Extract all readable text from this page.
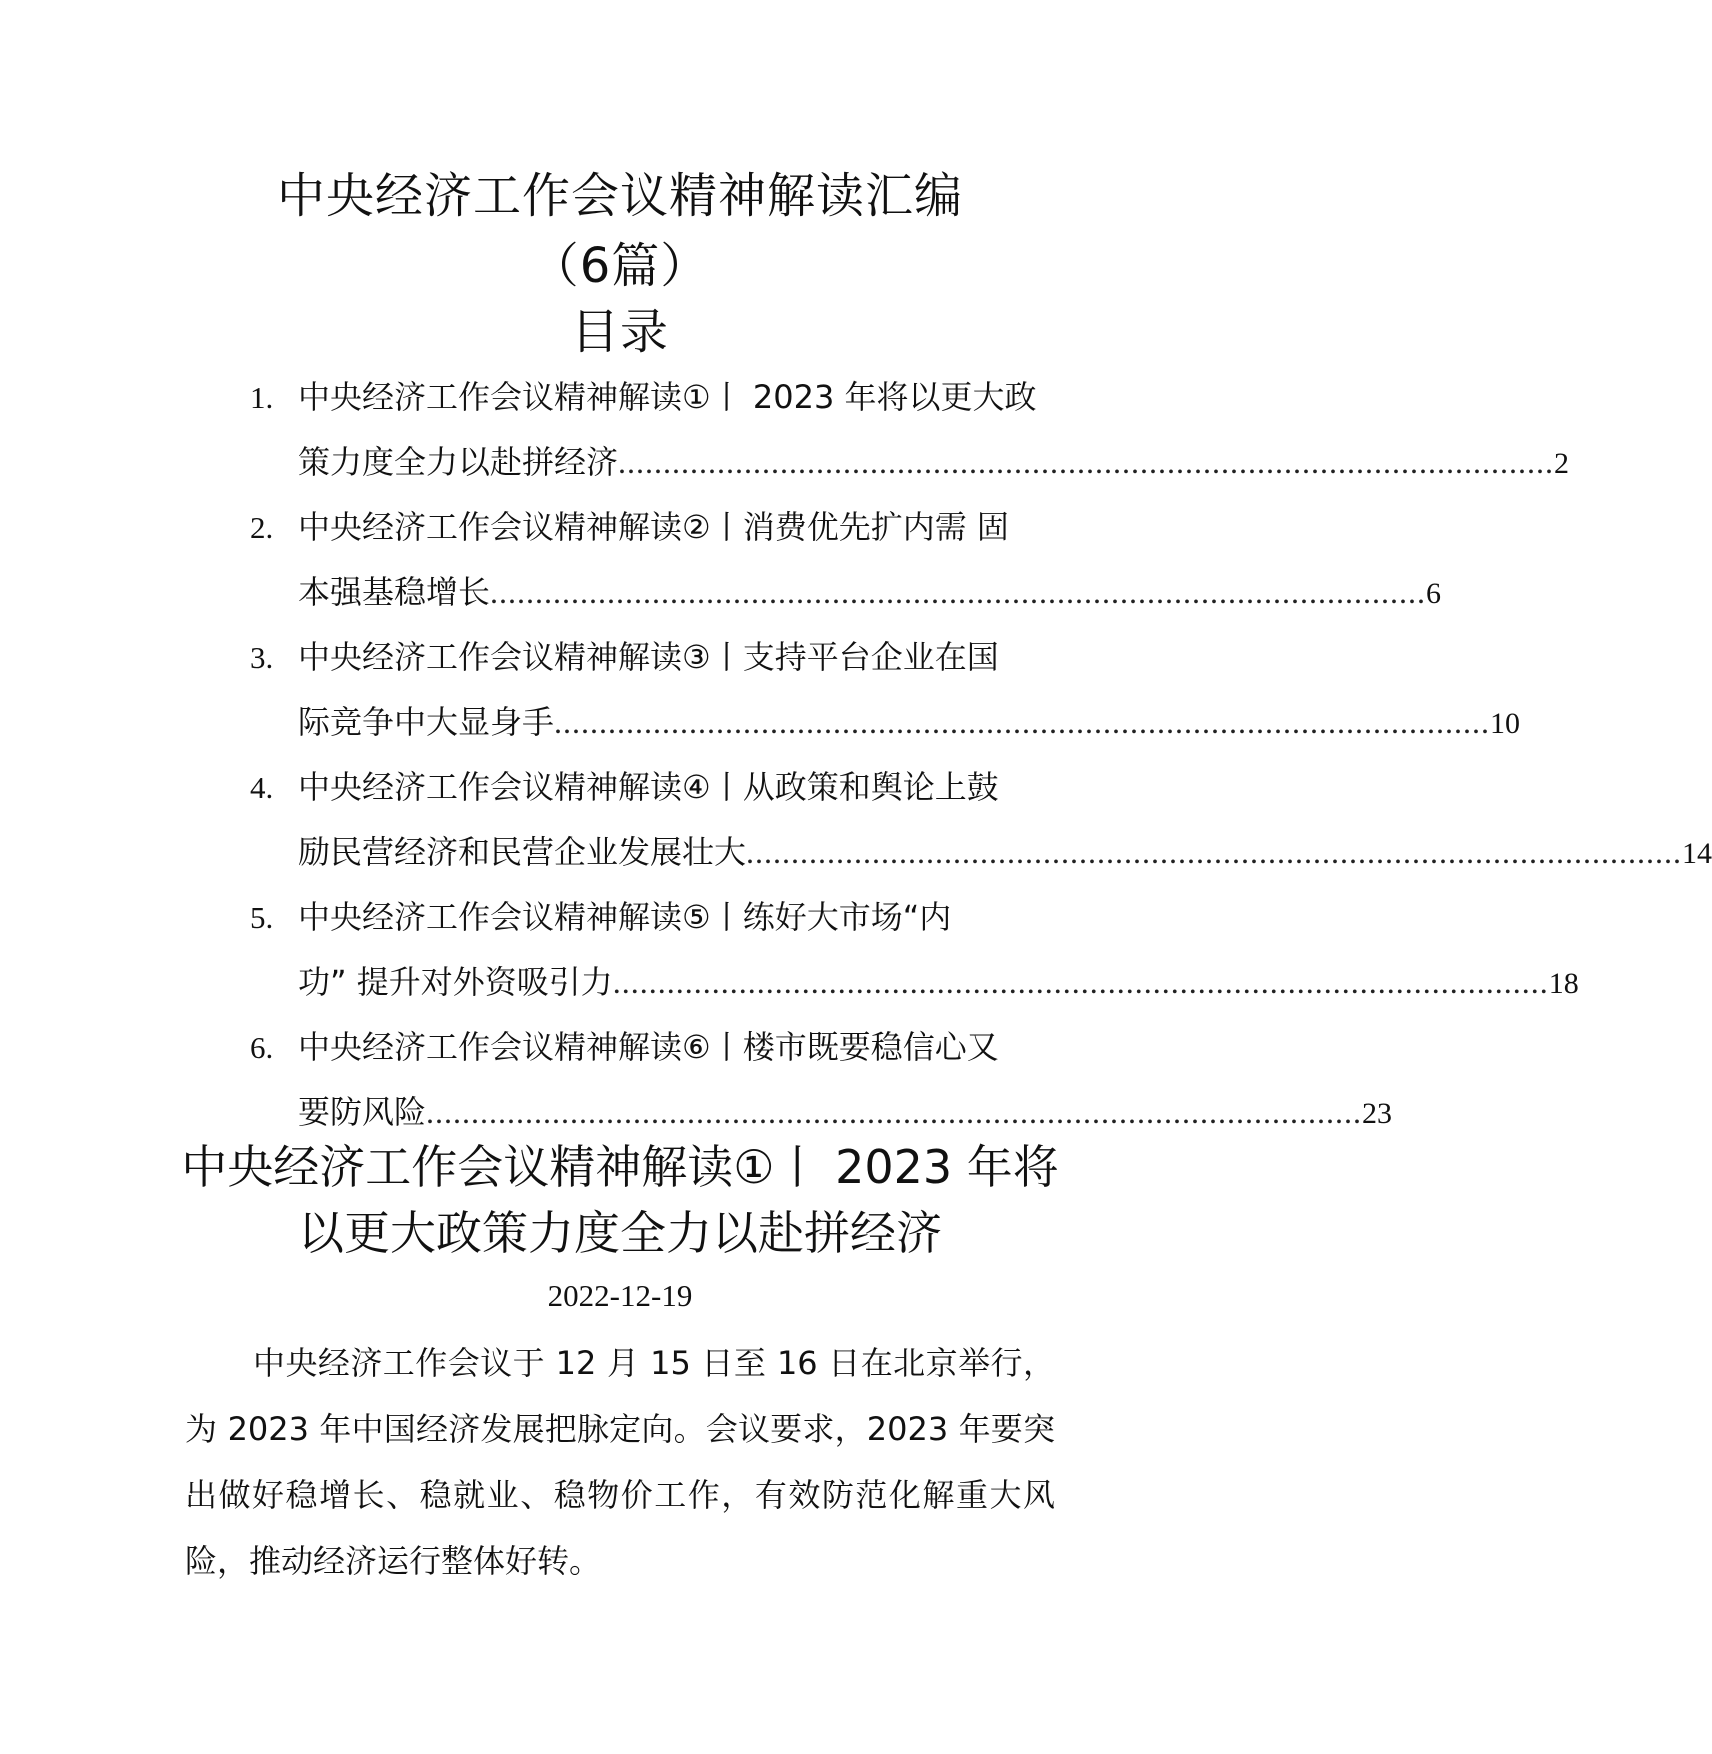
中央经济工作会议精神解读汇编
（6篇）
目录
1. 中央经济工作会议精神解读①丨 2023 年将以更大政
策力度全力以赴拼经济 ........................................................................................................ 2
2. 中央经济工作会议精神解读②丨消费优先扩内需 固
本强基稳增长 ........................................................................................................ 6
3. 中央经济工作会议精神解读③丨支持平台企业在国
际竞争中大显身手 ........................................................................................................ 10
4. 中央经济工作会议精神解读④丨从政策和舆论上鼓
励民营经济和民营企业发展壮大 ........................................................................................................ 14
5. 中央经济工作会议精神解读⑤丨练好大市场“内
功” 提升对外资吸引力 ........................................................................................................ 18
6. 中央经济工作会议精神解读⑥丨楼市既要稳信心又
要防风险 ........................................................................................................ 23
中央经济工作会议精神解读①丨 2023 年将
以更大政策力度全力以赴拼经济
2022-12-19
中央经济工作会议于 12 月 15 日至 16 日在北京举行，为 2023 年中国经济发展把脉定向。会议要求，2023 年要突出做好稳增长、稳就业、稳物价工作，有效防范化解重大风险，推动经济运行整体好转。
